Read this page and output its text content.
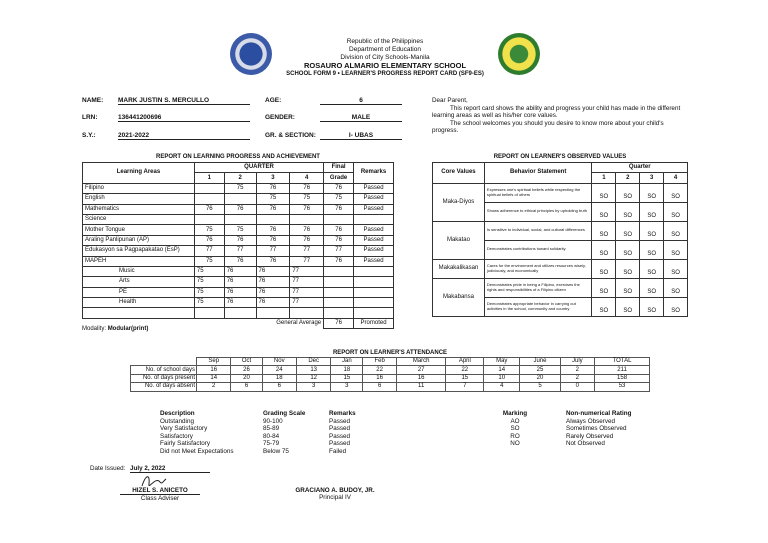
Republic of the Philippines
Department of Education
Division of City Schools-Manila
ROSAURO ALMARIO ELEMENTARY SCHOOL
SCHOOL FORM 9 • LEARNER'S PROGRESS REPORT CARD (SF9-ES)
NAME: MARK JUSTIN S. MERCULLO	AGE:	6
LRN:	136441200696	GENDER:	MALE
S.Y.:	2021-2022	GR. & SECTION:	I- UBAS
Dear Parent,
This report card shows the ability and progress your child has made in the different learning areas as well as his/her core values.
The school welcomes you should you desire to know more about your child's progress.
REPORT ON LEARNING PROGRESS AND ACHIEVEMENT
Learning Areas	QUARTER				Final	Remarks
	1	2	3	4	Grade	
Filipino		75	76	76	76	Passed
English			75	75	75	Passed
Mathematics	76	76	76	76	76	Passed
Science						
Mother Tongue	75	75	76	76	76	Passed
Araling Panlipunan (AP)	76	76	76	76	76	Passed
Edukasyon sa Pagpapakatao (EsP)	77	77	77	77	77	Passed
MAPEH	75	76	76	77	76	Passed
Music	75	76	76	77		
Arts	75	76	76	77		
PE	75	76	76	77		
Health	75	76	76	77		

General Average					76	Promoted
Modality: Modular(print)
REPORT ON LEARNER'S OBSERVED VALUES
Core Values	Behavior Statement	Quarter			
		1	2	3	4
Maka-Diyos	Expresses one's spiritual beliefs while respecting the spiritual beliefs of others	SO	SO	SO	SO
	Shows adherence to ethical principles by upholding truth	SO	SO	SO	SO
Makatao	Is sensitive to individual, social, and cultural differences	SO	SO	SO	SO
	Demonstrates contributions toward solidarity	SO	SO	SO	SO
Makakalikasan	Cares for the environment and utilizes resources wisely, judiciously, and economically	SO	SO	SO	SO
Makabansa	Demonstrates pride in being a Filipino, exercises the rights and responsibilities of a Filipino citizen	SO	SO	SO	SO
	Demonstrates appropriate behavior in carrying out activities in the school, community and country	SO	SO	SO	SO
REPORT ON LEARNER'S ATTENDANCE
	Sep	Oct	Nov	Dec	Jan	Feb	March	April	May	June	July	TOTAL
No. of school days	16	26	24	13	18	22	27	22	14	25	2	211
No. of days present	14	20	18	12	15	16	16	15	10	20	2	158
No. of days absent	2	6	6	3	3	6	11	7	4	5	0	53
Description	Grading Scale	Remarks
Outstanding	90-100	Passed
Very Satisfactory	85-89	Passed
Satisfactory	80-84	Passed
Fairly Satisfactory	75-79	Passed
Did not Meet Expectations	Below 75	Failed
Marking	Non-numerical Rating
AO	Always Observed
SO	Sometimes Observed
RO	Rarely Observed
NO	Not Observed
Date Issued: July 2, 2022
HIZEL S. ANICETO
Class Adviser
GRACIANO A. BUDOY, JR.
Principal IV
